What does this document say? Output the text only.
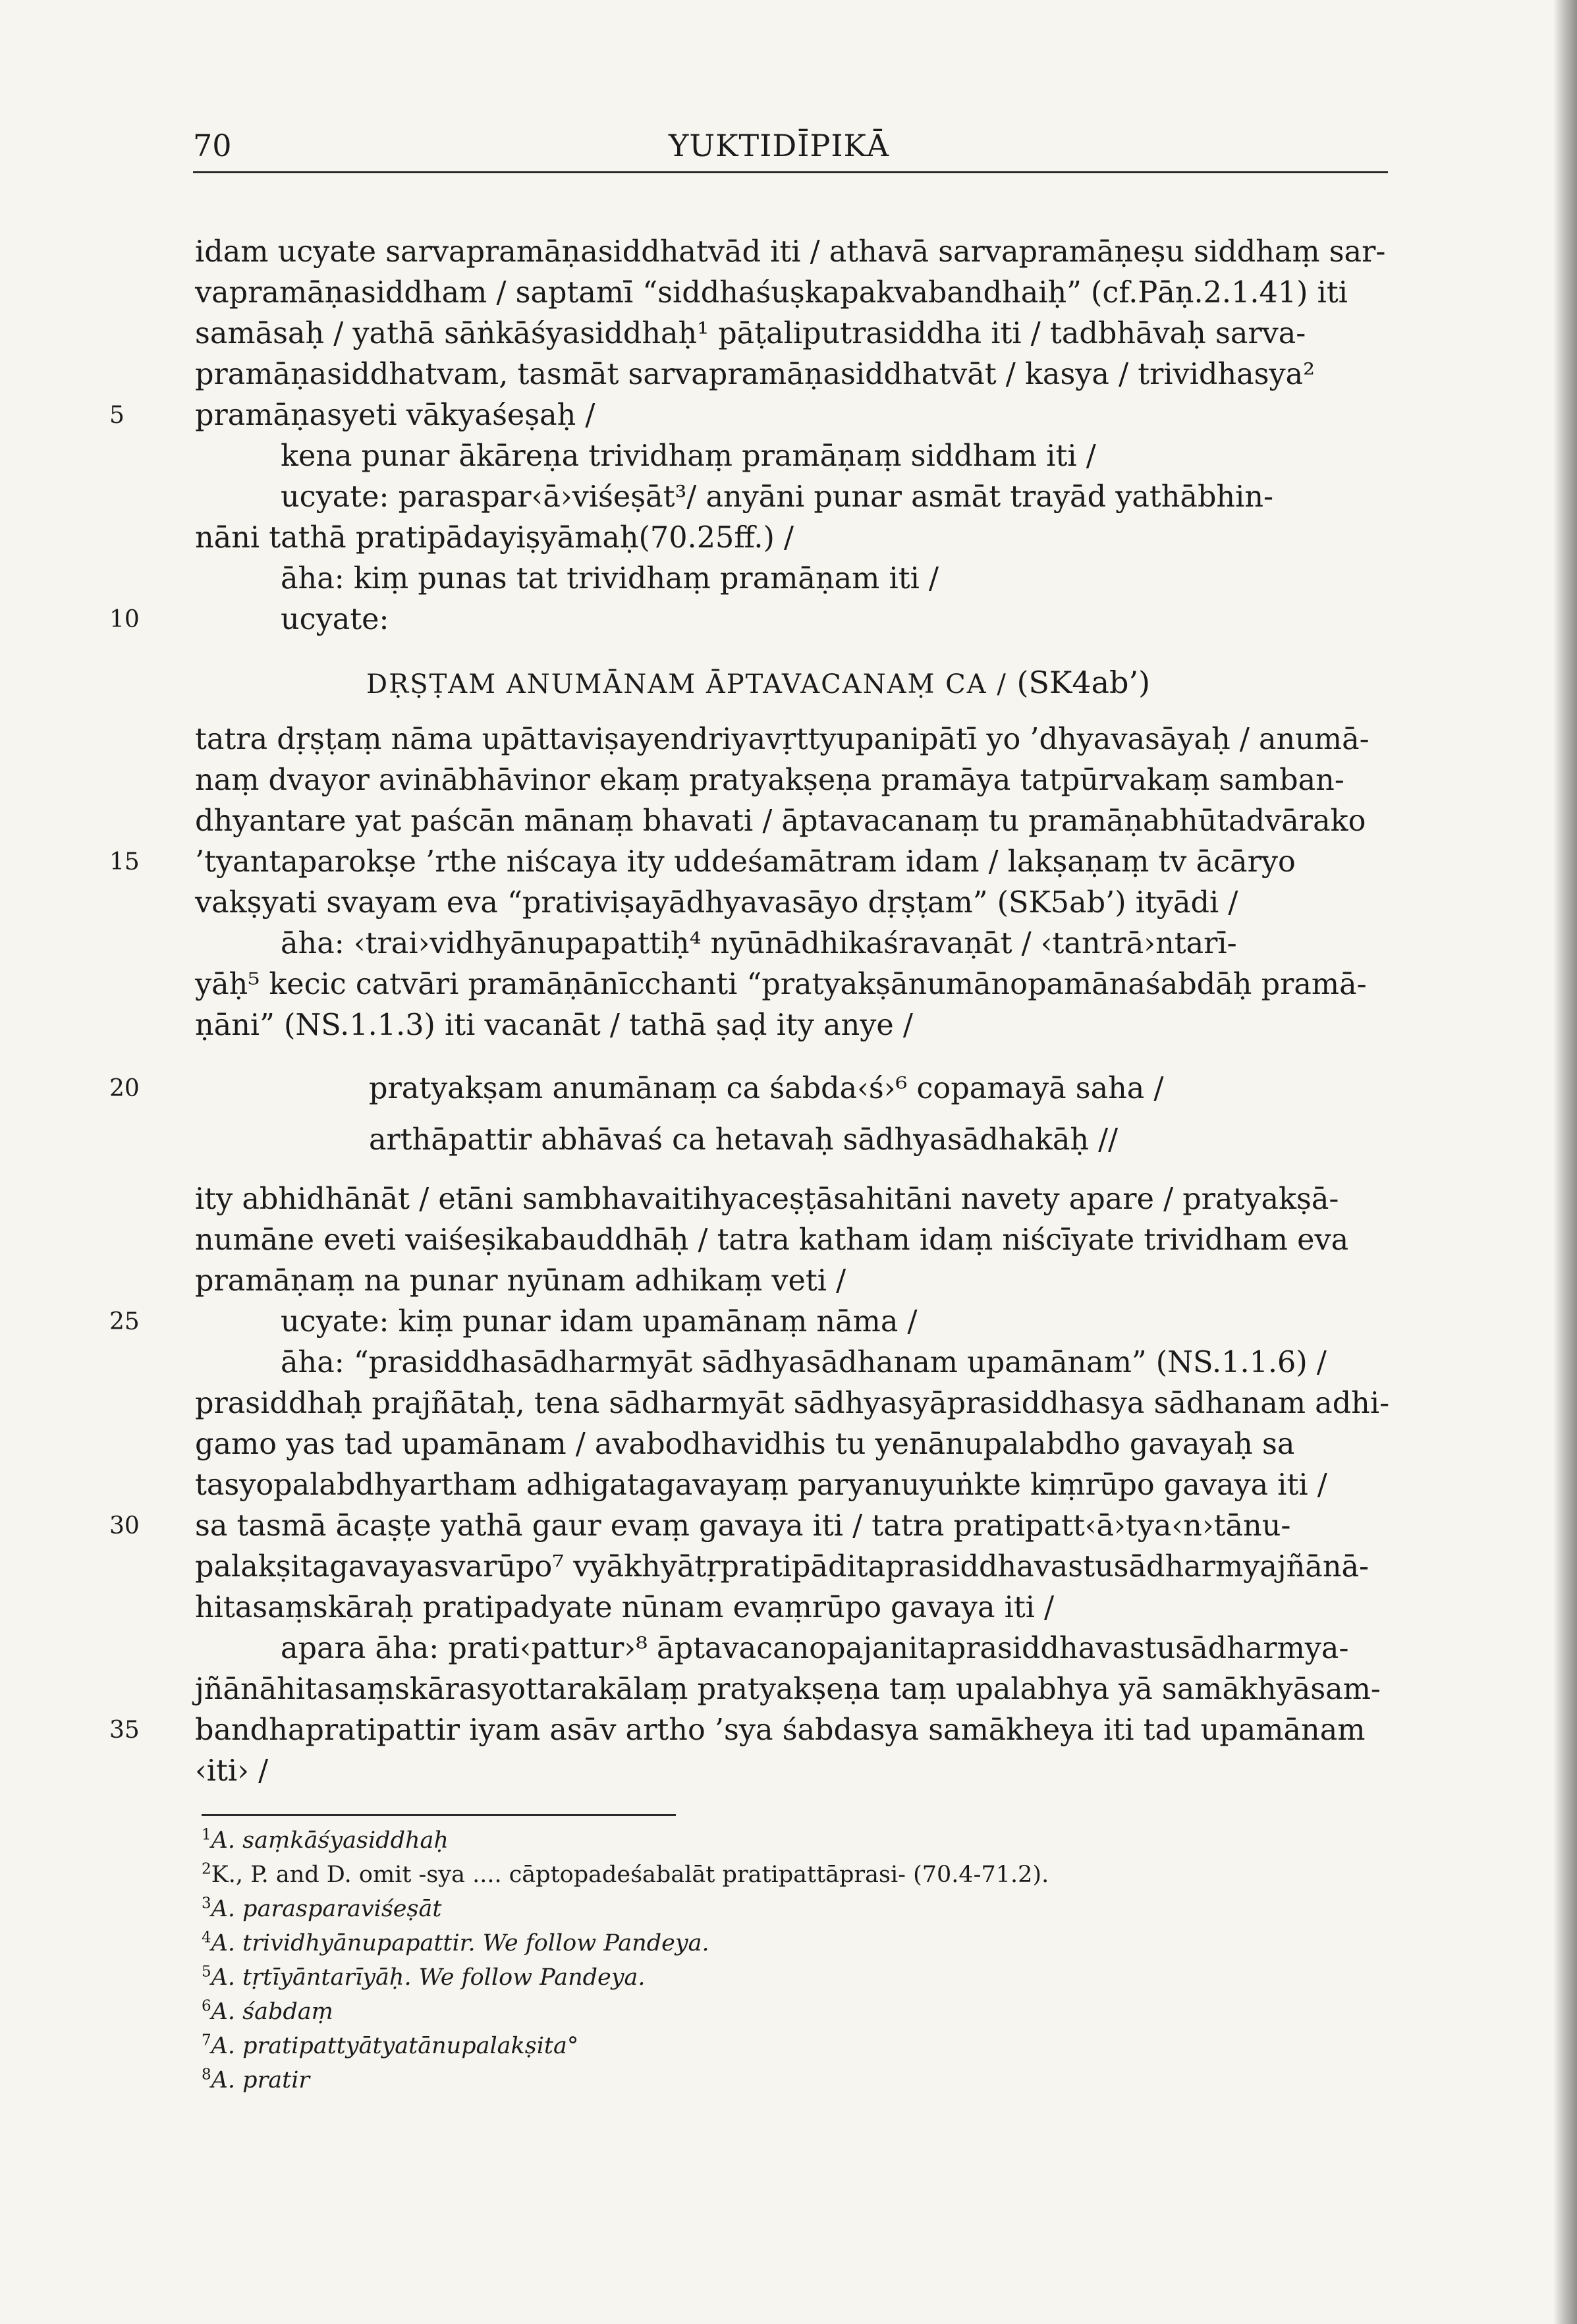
70	YUKTIDĪPIKĀ
idam ucyate sarvapramāṇasiddhatvād iti / athavā sarvapramāṇeṣu siddhaṃ sar-
vapramāṇasiddham / saptamī “siddhaśuṣkapakvabandhaiḥ” (cf.Pāṇ.2.1.41) iti
samāsaḥ / yathā sāṅkāśyasiddhaḥ¹ pāṭaliputrasiddha iti / tadbhāvaḥ sarva-
pramāṇasiddhatvam, tasmāt sarvapramāṇasiddhatvāt / kasya / trividhasya²
pramāṇasyeti vākyaśeṣaḥ /
kena punar ākāreṇa trividhaṃ pramāṇaṃ siddham iti /
ucyate: paraspar‹ā›viśeṣāt³/ anyāni punar asmāt trayād yathābhin-
nāni tathā pratipādayiṣyāmaḥ(70.25ff.) /
āha: kiṃ punas tat trividhaṃ pramāṇam iti /
ucyate:
DṚṢṬAM ANUMĀNAM ĀPTAVACANAṂ CA / (SK4ab’)
tatra dṛṣṭaṃ nāma upāttaviṣayendriyavṛttyupanipātī yo ’dhyavasāyaḥ / anumā-
naṃ dvayor avinābhāvinor ekaṃ pratyakṣeṇa pramāya tatpūrvakaṃ samban-
dhyantare yat paścān mānaṃ bhavati / āptavacanaṃ tu pramāṇabhūtadvārako
’tyantaparokṣe ’rthe niścaya ity uddeśamātram idam / lakṣaṇaṃ tv ācāryo
vakṣyati svayam eva “prativiṣayādhyavasāyo dṛṣṭam” (SK5ab’) ityādi /
āha: ‹trai›vidhyānupapattiḥ⁴ nyūnādhikaśravaṇāt / ‹tantrā›ntarī-
yāḥ⁵ kecic catvāri pramāṇānīcchanti “pratyakṣānumānopamānaśabdāḥ pramā-
ṇāni” (NS.1.1.3) iti vacanāt / tathā ṣaḍ ity anye /
pratyakṣam anumānaṃ ca śabda‹ś›⁶ copamayā saha /
arthāpattir abhāvaś ca hetavaḥ sādhyasādhakāḥ //
ity abhidhānāt / etāni sambhavaitihyaceṣṭāsahitāni navety apare / pratyakṣā-
numāne eveti vaiśeṣikabauddhāḥ / tatra katham idaṃ niścīyate trividham eva
pramāṇaṃ na punar nyūnam adhikaṃ veti /
ucyate: kiṃ punar idam upamānaṃ nāma /
āha: “prasiddhasādharmyāt sādhyasādhanam upamānam” (NS.1.1.6) /
prasiddhaḥ prajñātaḥ, tena sādharmyāt sādhyasyāprasiddhasya sādhanam adhi-
gamo yas tad upamānam / avabodhavidhis tu yenānupalabdho gavayaḥ sa
tasyopalabdhyartham adhigatagavayaṃ paryanuyuṅkte kiṃrūpo gavaya iti /
sa tasmā ācaṣṭe yathā gaur evaṃ gavaya iti / tatra pratipatt‹ā›tya‹n›tānu-
palakṣitagavayasvarūpo⁷ vyākhyātṛpratipāditaprasiddhavastusādharmyajñānā-
hitasaṃskāraḥ pratipadyate nūnam evaṃrūpo gavaya iti /
apara āha: prati‹pattur›⁸ āptavacanopajanitaprasiddhavastusādharmya-
jñānāhitasaṃskārasyottarakālaṃ pratyakṣeṇa taṃ upalabhya yā samākhyāsam-
bandhapratipattir iyam asāv artho ’sya śabdasya samākheya iti tad upamānam
‹iti› /
5
10
15
20
25
30
35
$^1$A. saṃkāśyasiddhaḥ
$^2$K., P. and D. omit -sya .... cāptopadeśabalāt pratipattāprasi- (70.4-71.2).
$^3$A. parasparaviśeṣāt
$^4$A. trividhyānupapattir. We follow Pandeya.
$^5$A. tṛtīyāntarīyāḥ. We follow Pandeya.
$^6$A. śabdaṃ
$^7$A. pratipattyātyatānupalakṣita°
$^8$A. pratir
